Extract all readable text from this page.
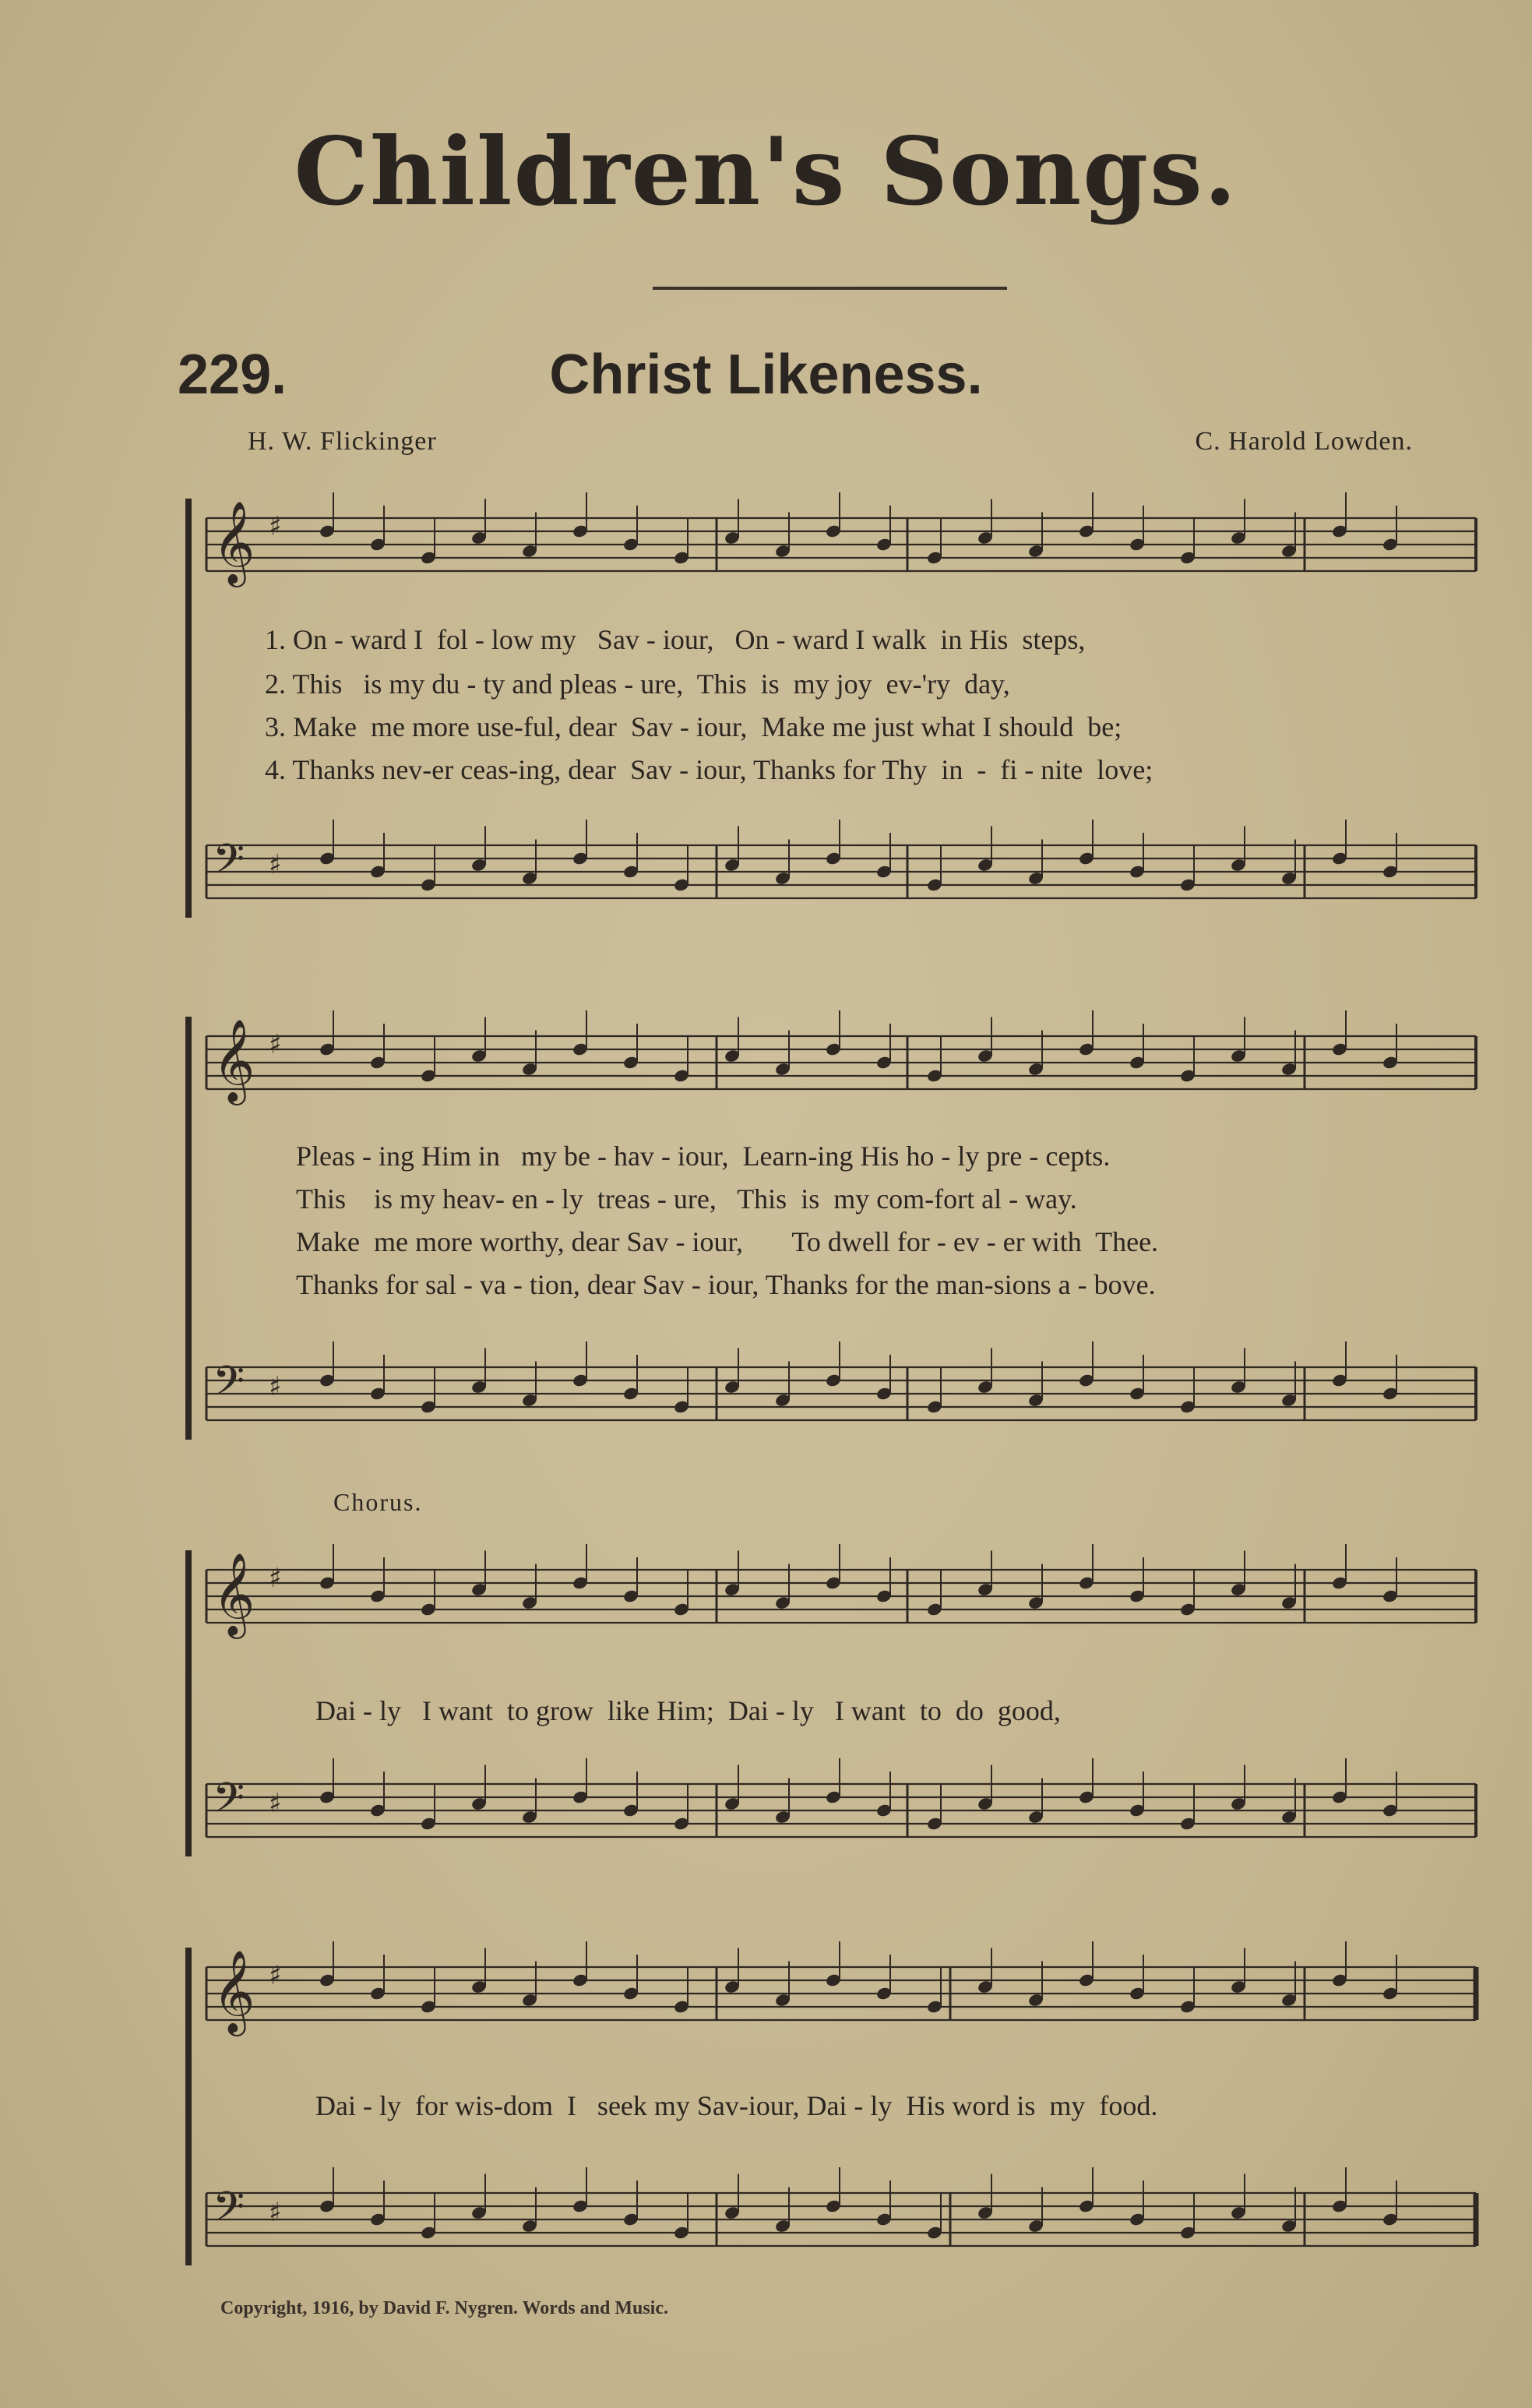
Children's Songs.
229.	Christ Likeness.
H. W. Flickinger	C. Harold Lowden.
Chorus.
𝄞 ♯
𝄢 ♯
𝄞 ♯
𝄢 ♯
𝄞 ♯
𝄢 ♯
𝄞 ♯
𝄢 ♯
1. On - ward I  fol - low my   Sav - iour,   On - ward I walk  in His  steps,
2. This   is my du - ty and pleas - ure,  This  is  my joy  ev-'ry  day,
3. Make  me more use-ful, dear  Sav - iour,  Make me just what I should  be;
4. Thanks nev-er ceas-ing, dear  Sav - iour, Thanks for Thy  in  -  fi - nite  love;
Pleas - ing Him in   my be - hav - iour,  Learn-ing His ho - ly pre - cepts.
This    is my heav- en - ly  treas - ure,   This  is  my com-fort al - way.
Make  me more worthy, dear Sav - iour,       To dwell for - ev - er with  Thee.
Thanks for sal - va - tion, dear Sav - iour, Thanks for the man-sions a - bove.
Dai - ly   I want  to grow  like Him;  Dai - ly   I want  to  do  good,
Dai - ly  for wis-dom  I   seek my Sav-iour, Dai - ly  His word is  my  food.
Copyright, 1916, by David F. Nygren. Words and Music.
